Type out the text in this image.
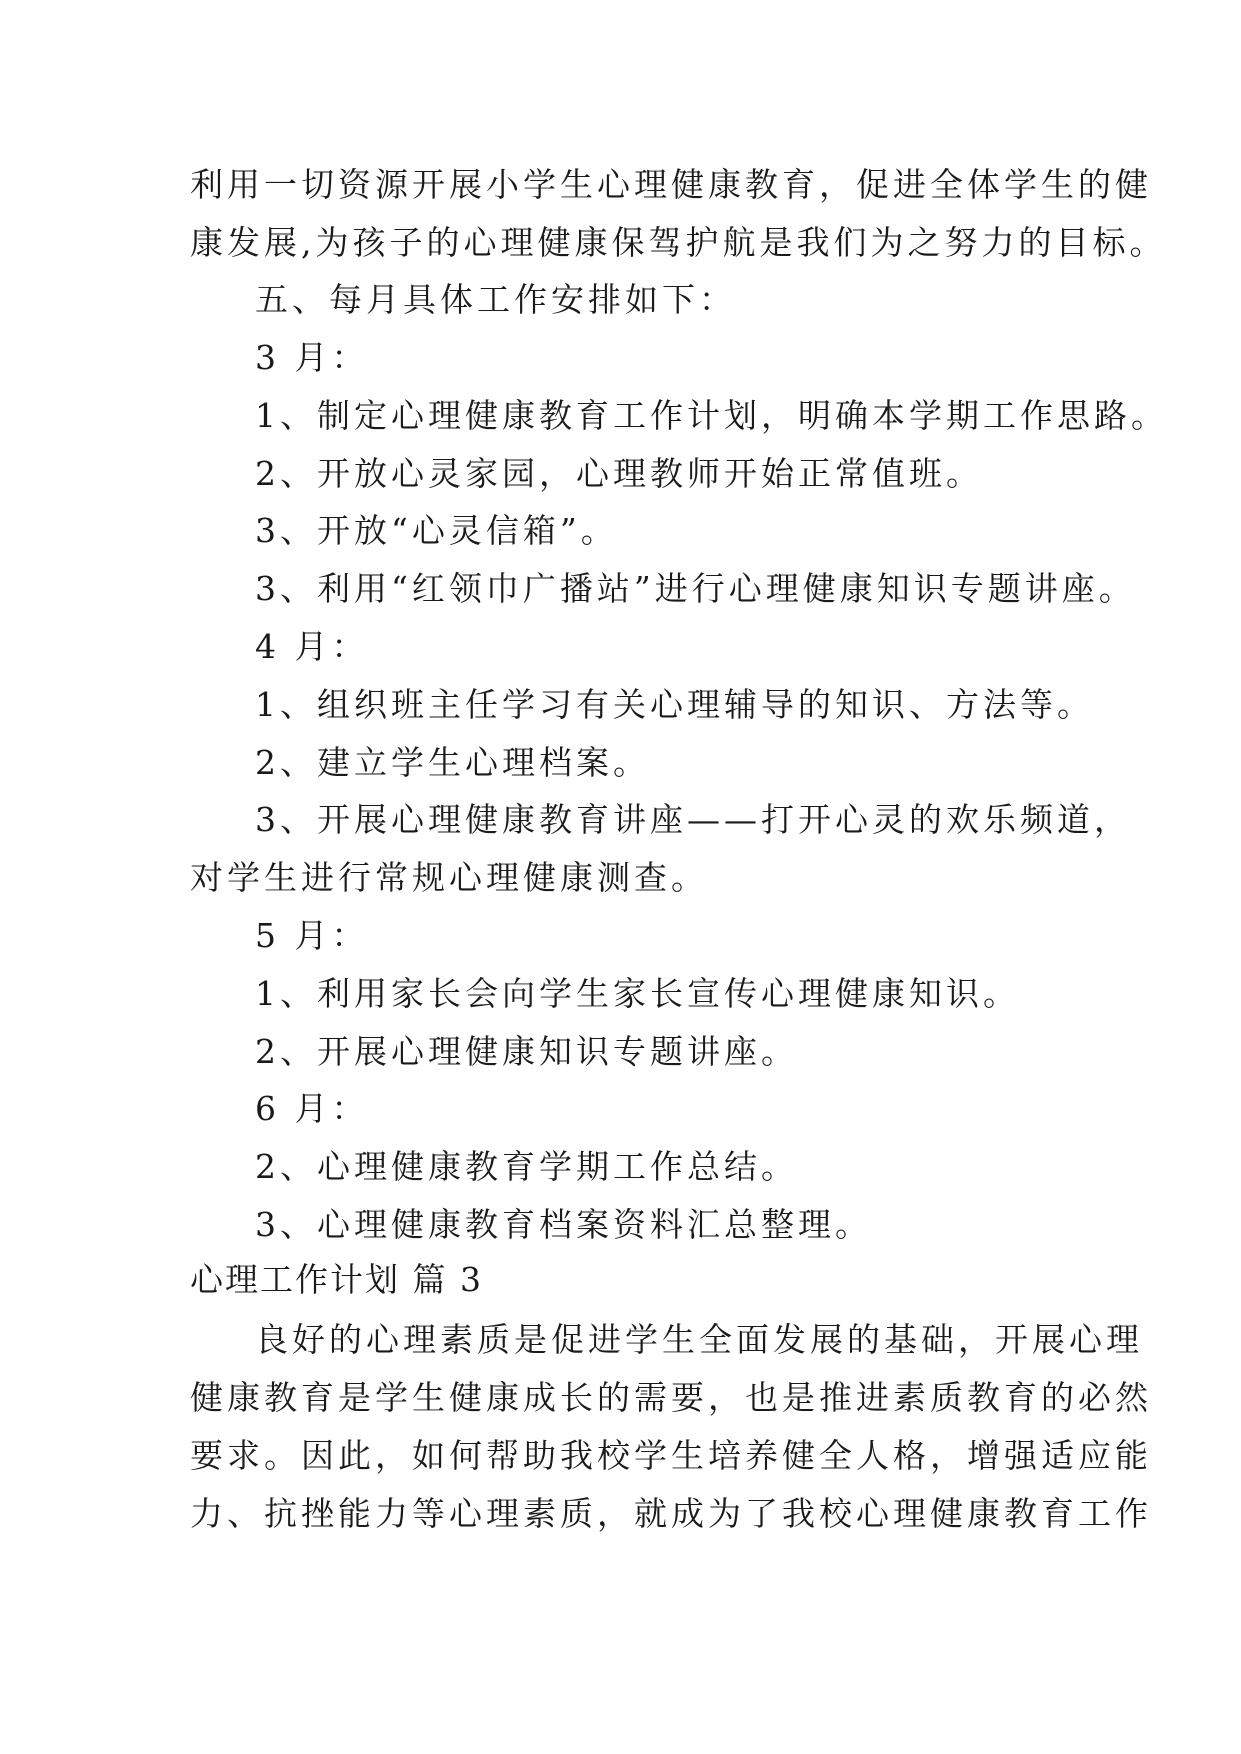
利用一切资源开展小学生心理健康教育，促进全体学生的健
康发展,为孩子的心理健康保驾护航是我们为之努力的目标。
五、每月具体工作安排如下：
3 月：
1、制定心理健康教育工作计划，明确本学期工作思路。
2、开放心灵家园，心理教师开始正常值班。
3、开放“心灵信箱”。
3、利用“红领巾广播站”进行心理健康知识专题讲座。
4 月：
1、组织班主任学习有关心理辅导的知识、方法等。
2、建立学生心理档案。
3、开展心理健康教育讲座——打开心灵的欢乐频道，
对学生进行常规心理健康测查。
5 月：
1、利用家长会向学生家长宣传心理健康知识。
2、开展心理健康知识专题讲座。
6 月：
2、心理健康教育学期工作总结。
3、心理健康教育档案资料汇总整理。
心理工作计划 篇 3
良好的心理素质是促进学生全面发展的基础，开展心理
健康教育是学生健康成长的需要，也是推进素质教育的必然
要求。因此，如何帮助我校学生培养健全人格，增强适应能
力、抗挫能力等心理素质，就成为了我校心理健康教育工作
